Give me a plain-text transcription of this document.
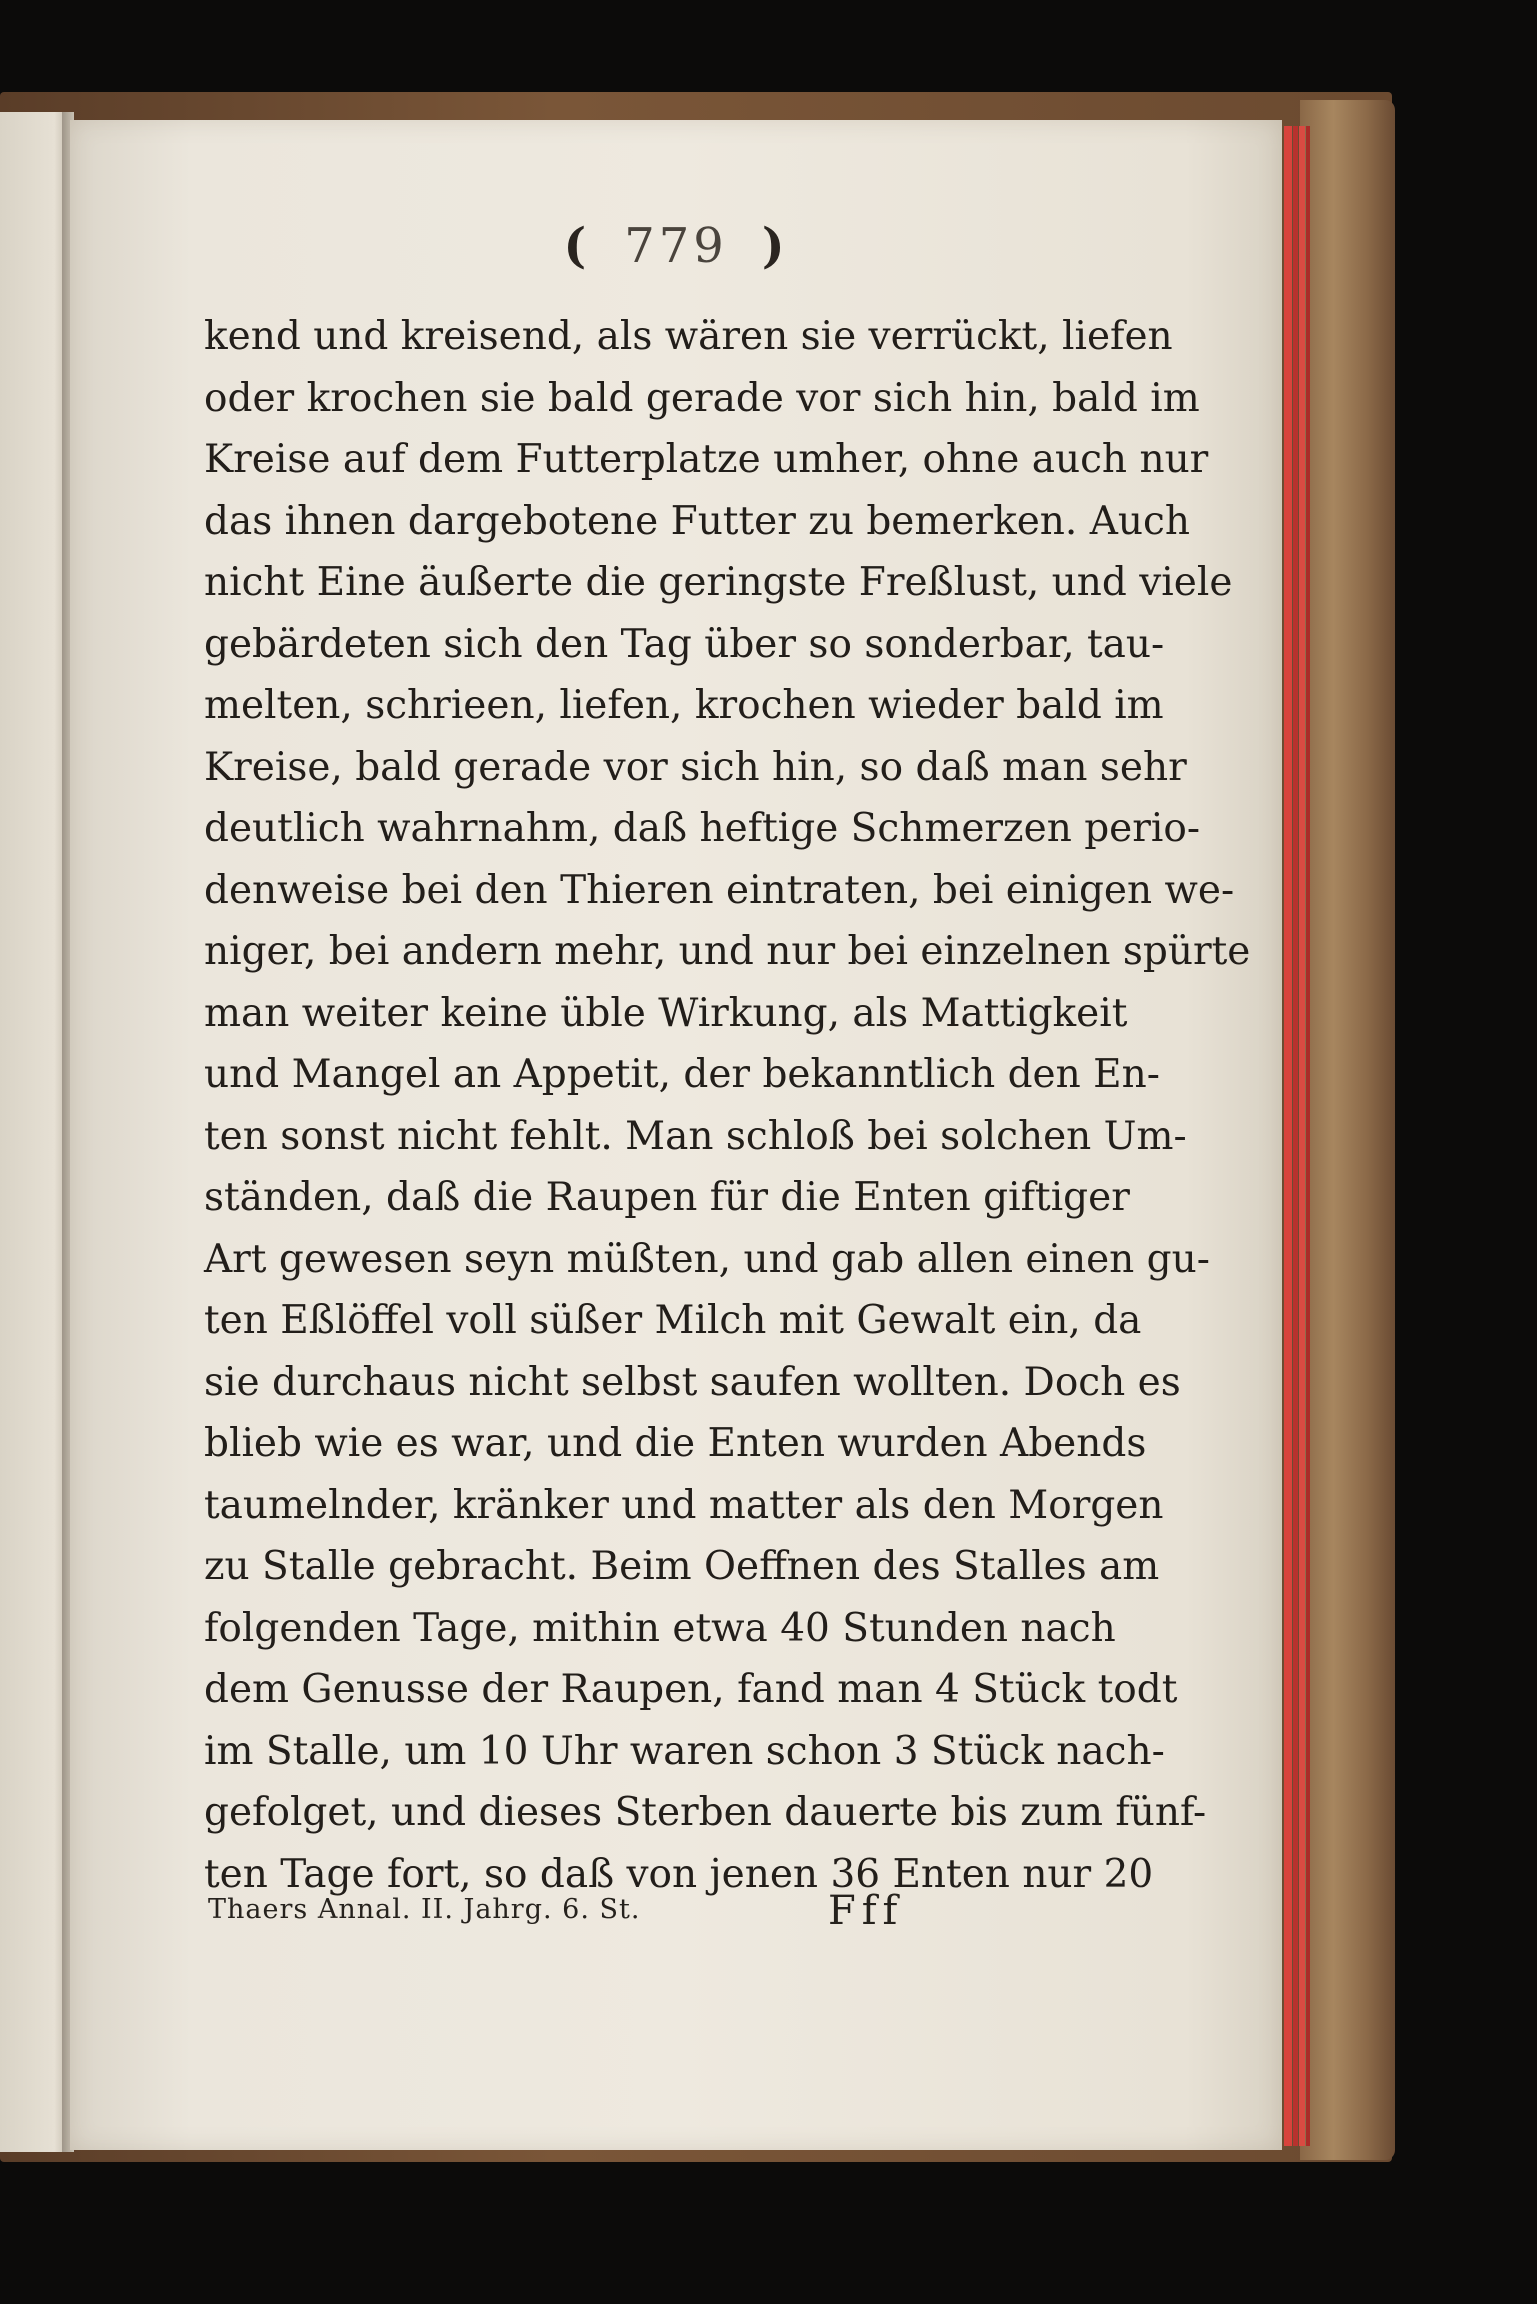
( 779 )
kend und kreisend, als wären sie verrückt, liefen
oder krochen sie bald gerade vor sich hin, bald im
Kreise auf dem Futterplatze umher, ohne auch nur
das ihnen dargebotene Futter zu bemerken. Auch
nicht Eine äußerte die geringste Freßlust, und viele
gebärdeten sich den Tag über so sonderbar, tau-
melten, schrieen, liefen, krochen wieder bald im
Kreise, bald gerade vor sich hin, so daß man sehr
deutlich wahrnahm, daß heftige Schmerzen perio-
denweise bei den Thieren eintraten, bei einigen we-
niger, bei andern mehr, und nur bei einzelnen spürte
man weiter keine üble Wirkung, als Mattigkeit
und Mangel an Appetit, der bekanntlich den En-
ten sonst nicht fehlt. Man schloß bei solchen Um-
ständen, daß die Raupen für die Enten giftiger
Art gewesen seyn müßten, und gab allen einen gu-
ten Eßlöffel voll süßer Milch mit Gewalt ein, da
sie durchaus nicht selbst saufen wollten. Doch es
blieb wie es war, und die Enten wurden Abends
taumelnder, kränker und matter als den Morgen
zu Stalle gebracht. Beim Oeffnen des Stalles am
folgenden Tage, mithin etwa 40 Stunden nach
dem Genusse der Raupen, fand man 4 Stück todt
im Stalle, um 10 Uhr waren schon 3 Stück nach-
gefolget, und dieses Sterben dauerte bis zum fünf-
ten Tage fort, so daß von jenen 36 Enten nur 20
Thaers Annal. II. Jahrg. 6. St.	Fff
